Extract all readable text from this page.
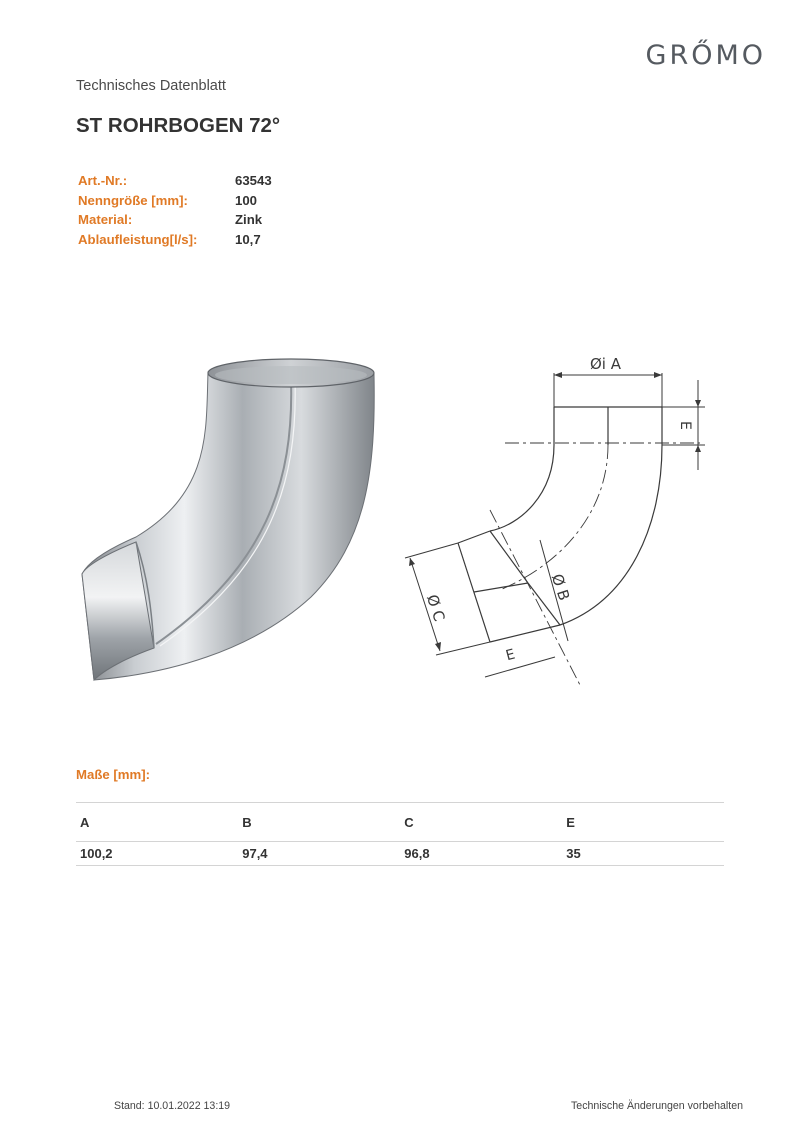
GRŐMO
Technisches Datenblatt
ST ROHRBOGEN 72°
Art.-Nr.:	63543
Nenngröße [mm]:	100
Material:	Zink
Ablaufleistung[l/s]:	10,7
Øi A
E
Ø B
Ø C
E
Maße [mm]:
A	B	C	E
100,2	97,4	96,8	35
Stand: 10.01.2022 13:19	Technische Änderungen vorbehalten
